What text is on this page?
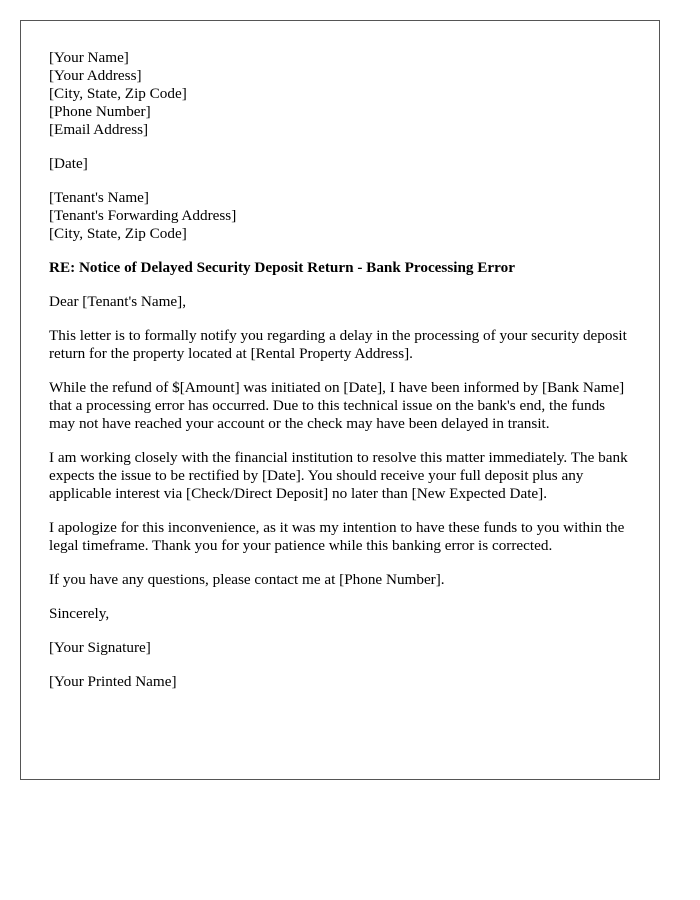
[Your Name]
[Your Address]
[City, State, Zip Code]
[Phone Number]
[Email Address]
[Date]
[Tenant's Name]
[Tenant's Forwarding Address]
[City, State, Zip Code]
RE: Notice of Delayed Security Deposit Return - Bank Processing Error
Dear [Tenant's Name],

This letter is to formally notify you regarding a delay in the processing of your security deposit return for the property located at [Rental Property Address].

While the refund of $[Amount] was initiated on [Date], I have been informed by [Bank Name] that a processing error has occurred. Due to this technical issue on the bank's end, the funds may not have reached your account or the check may have been delayed in transit.

I am working closely with the financial institution to resolve this matter immediately. The bank expects the issue to be rectified by [Date]. You should receive your full deposit plus any applicable interest via [Check/Direct Deposit] no later than [New Expected Date].

I apologize for this inconvenience, as it was my intention to have these funds to you within the legal timeframe. Thank you for your patience while this banking error is corrected.

If you have any questions, please contact me at [Phone Number].

Sincerely,
[Your Signature]
[Your Printed Name]
